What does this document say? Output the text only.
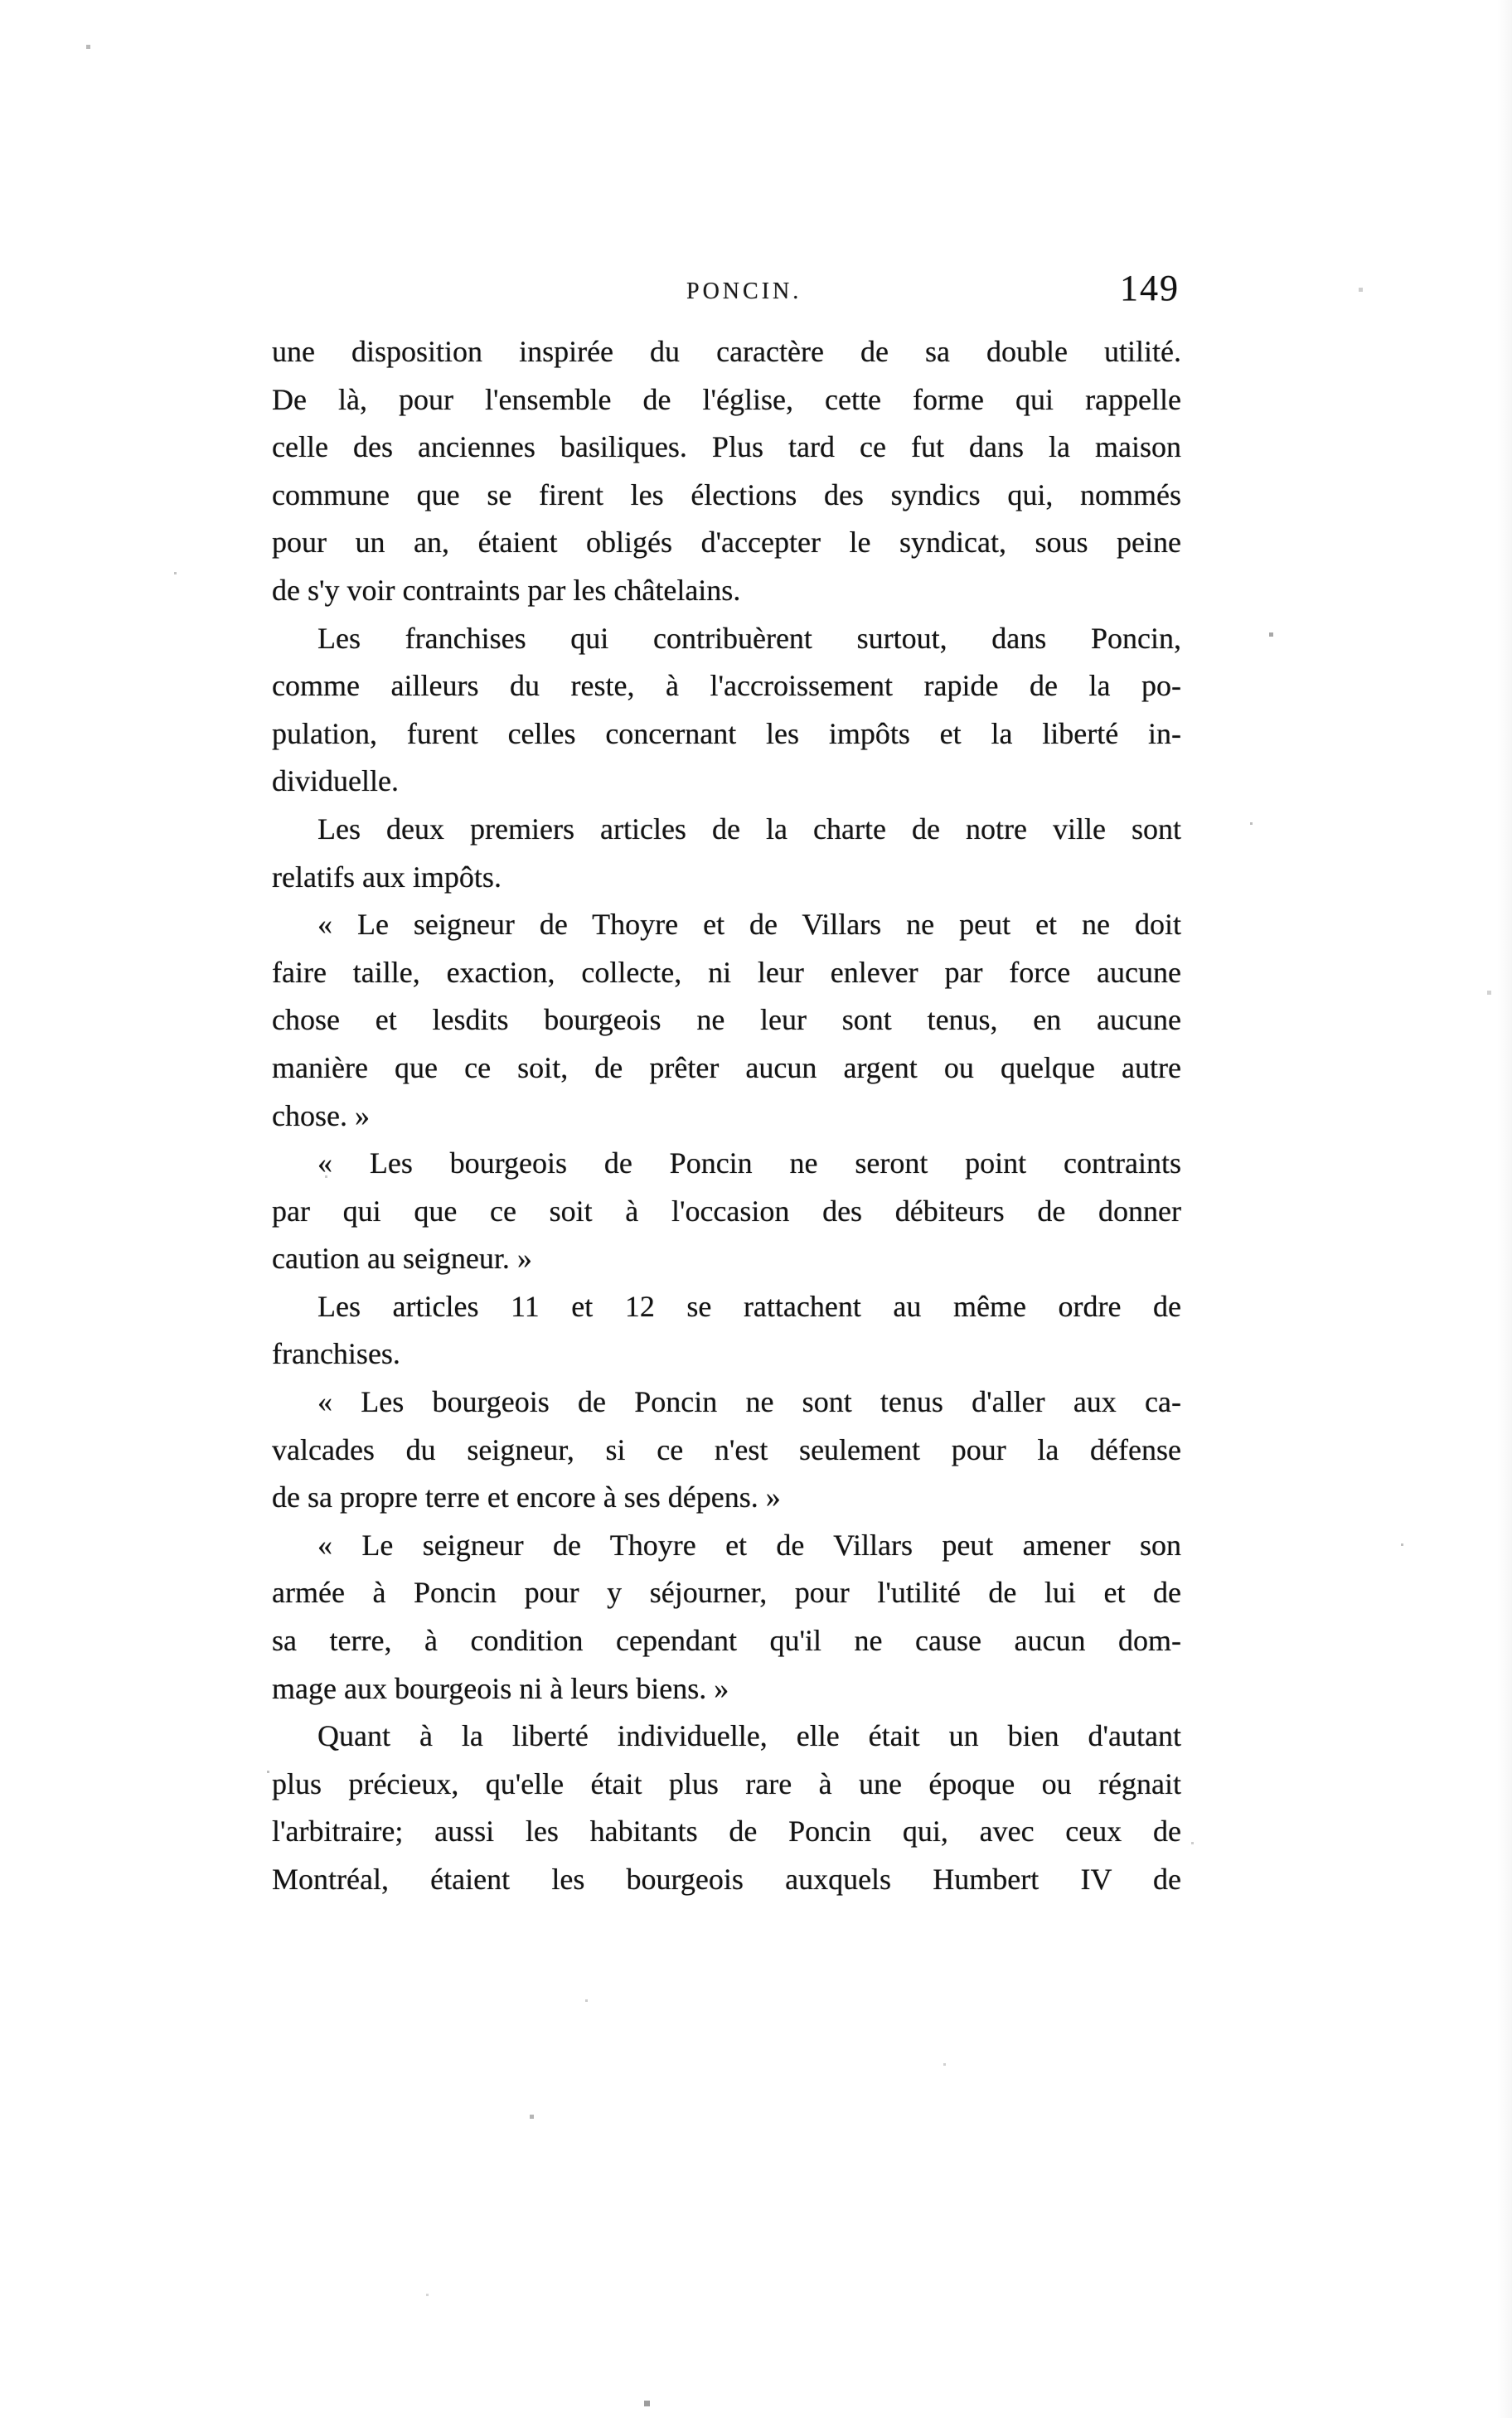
PONCIN.	149
une disposition inspirée du caractère de sa double utilité.
De là, pour l'ensemble de l'église, cette forme qui rappelle
celle des anciennes basiliques. Plus tard ce fut dans la maison
commune que se firent les élections des syndics qui, nommés
pour un an, étaient obligés d'accepter le syndicat, sous peine
de s'y voir contraints par les châtelains.
Les franchises qui contribuèrent surtout, dans Poncin,
comme ailleurs du reste, à l'accroissement rapide de la po-
pulation, furent celles concernant les impôts et la liberté in-
dividuelle.
Les deux premiers articles de la charte de notre ville sont
relatifs aux impôts.
« Le seigneur de Thoyre et de Villars ne peut et ne doit
faire taille, exaction, collecte, ni leur enlever par force aucune
chose et lesdits bourgeois ne leur sont tenus, en aucune
manière que ce soit, de prêter aucun argent ou quelque autre
chose. »
« Les bourgeois de Poncin ne seront point contraints
par qui que ce soit à l'occasion des débiteurs de donner
caution au seigneur. »
Les articles 11 et 12 se rattachent au même ordre de
franchises.
« Les bourgeois de Poncin ne sont tenus d'aller aux ca-
valcades du seigneur, si ce n'est seulement pour la défense
de sa propre terre et encore à ses dépens. »
« Le seigneur de Thoyre et de Villars peut amener son
armée à Poncin pour y séjourner, pour l'utilité de lui et de
sa terre, à condition cependant qu'il ne cause aucun dom-
mage aux bourgeois ni à leurs biens. »
Quant à la liberté individuelle, elle était un bien d'autant
plus précieux, qu'elle était plus rare à une époque ou régnait
l'arbitraire; aussi les habitants de Poncin qui, avec ceux de
Montréal, étaient les bourgeois auxquels Humbert IV de
